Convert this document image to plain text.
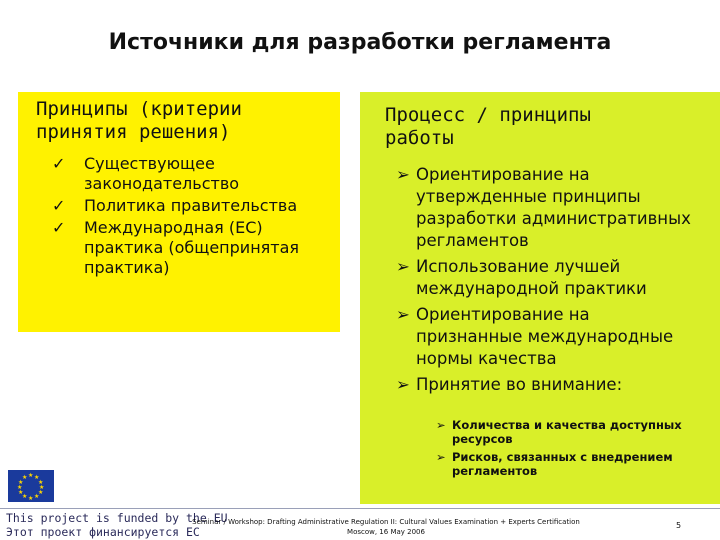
Источники для разработки регламента
Принципы (критерии
принятия решения)
✓ Существующее
законодательство
✓ Политика правительства
✓ Международная (ЕС)
практика (общепринятая
практика)
Процесс / принципы
работы
➢ Ориентирование на
утвержденные принципы
разработки административных
регламентов
➢ Использование лучшей
международной практики
➢ Ориентирование на
признанные международные
нормы качества
➢ Принятие во внимание:
➢ Количества и качества доступных
ресурсов
➢ Рисков, связанных с внедрением
регламентов
★ ★
★
★
★
★
★
★
★
★
★
★
This project is funded by the EU
Этот проект финансируется ЕС
Seminar / Workshop: Drafting Administrative Regulation II: Cultural Values Examination + Experts Certification
Moscow, 16 May 2006
5
